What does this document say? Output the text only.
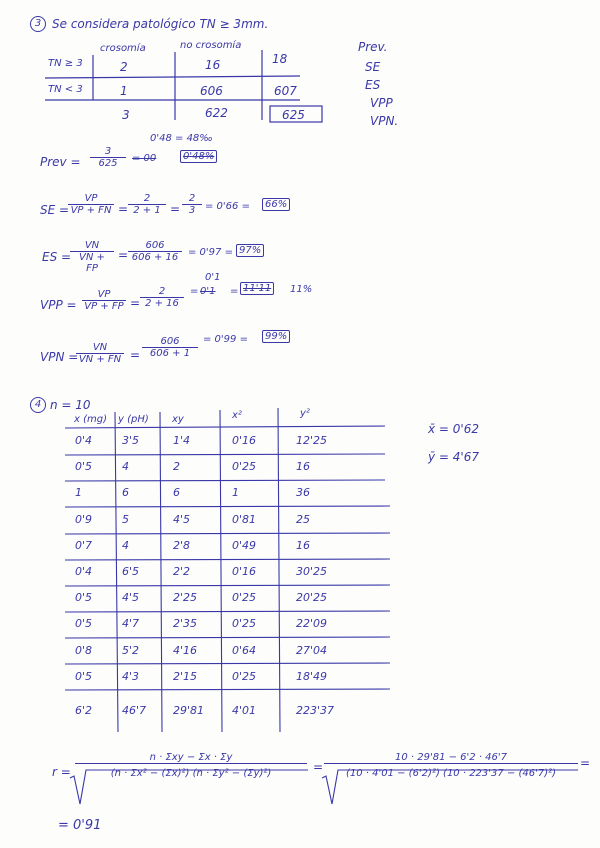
3 Se considera patológico TN ≥ 3mm.
crosomía	no crosomía
TN ≥ 3
TN < 3
2	16	18
1	606	607
3	622	625
Prev.
SE
ES
VPP
VPN.
0'48 = 48‰
Prev = $\frac{3}{625} = 00$	0'48%
SE =
$\frac{VP}{VP + FN} = \frac{2}{2 + 1} = \frac{2}{3} = 0'66$ =	66%
ES =
$\frac{VN}{VN + FP} = \frac{606}{606 + 16} = 0'97 = 97\%$
0'1
VPP = $\frac{VP}{VP + FP} = \frac{2}{2 + 16} = 0'1 = 11'11$	11%
VPN =
$\frac{VN}{VN + FN} = \frac{606}{606 + 1} = 0'99$ =	99%
4 n = 10
x (mg) y (pH) xy	x²	y²
0'4	3'5	1'4	0'16	12'25
0'5	4	2	0'25	16
1	6	6	1	36
0'9	5	4'5	0'81	25
0'7	4	2'8	0'49	16
0'4	6'5	2'2	0'16	30'25
0'5	4'5	2'25	0'25	20'25
0'5	4'7	2'35	0'25	22'09
0'8	5'2	4'16	0'64	27'04
0'5	4'3	2'15	0'25	18'49
6'2	46'7 29'81	4'01	223'37
x̄ = 0'62
ȳ = 4'67
r =
n · Σxy − Σx · Σy
(n · Σx² − (Σx)²) (n · Σy² − (Σy)²)	= $\frac{10 \cdot 29'81 - 6'2 \cdot 46'7}{\text{(10 · 4'01 − (6'2)²) (10 · 223'37 − (46'7)²)}}$ =
= 0'91
